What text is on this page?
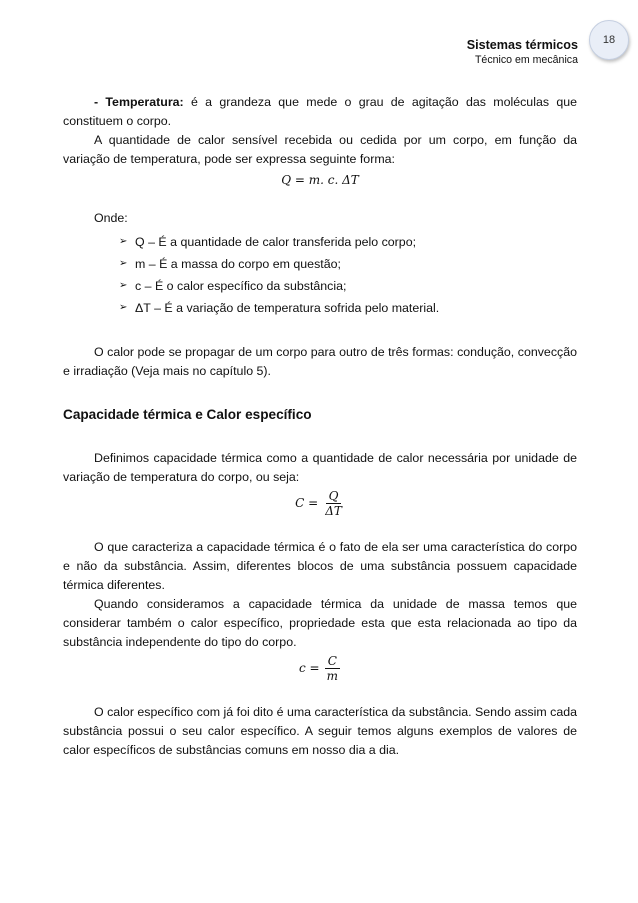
Sistemas térmicos
Técnico em mecânica
18

- Temperatura: é a grandeza que mede o grau de agitação das moléculas que constituem o corpo.

A quantidade de calor sensível recebida ou cedida por um corpo, em função da variação de temperatura, pode ser expressa seguinte forma:

Q = m. c. ΔT
Onde:
➢ Q – É a quantidade de calor transferida pelo corpo;
➢ m – É a massa do corpo em questão;
➢ c – É o calor específico da substância;
➢ ΔT – É a variação de temperatura sofrida pelo material.

O calor pode se propagar de um corpo para outro de três formas: condução, convecção e irradiação (Veja mais no capítulo 5).

Capacidade térmica e Calor específico

Definimos capacidade térmica como a quantidade de calor necessária por unidade de variação de temperatura do corpo, ou seja:

$C = \frac{Q}{\Delta T}$

O que caracteriza a capacidade térmica é o fato de ela ser uma característica do corpo e não da substância. Assim, diferentes blocos de uma substância possuem capacidade térmica diferentes.

Quando consideramos a capacidade térmica da unidade de massa temos que considerar também o calor específico, propriedade esta que esta relacionada ao tipo da substância independente do tipo do corpo.

$c = \frac{C}{m}$

O calor específico com já foi dito é uma característica da substância. Sendo assim cada substância possui o seu calor específico. A seguir temos alguns exemplos de valores de calor específicos de substâncias comuns em nosso dia a dia.
